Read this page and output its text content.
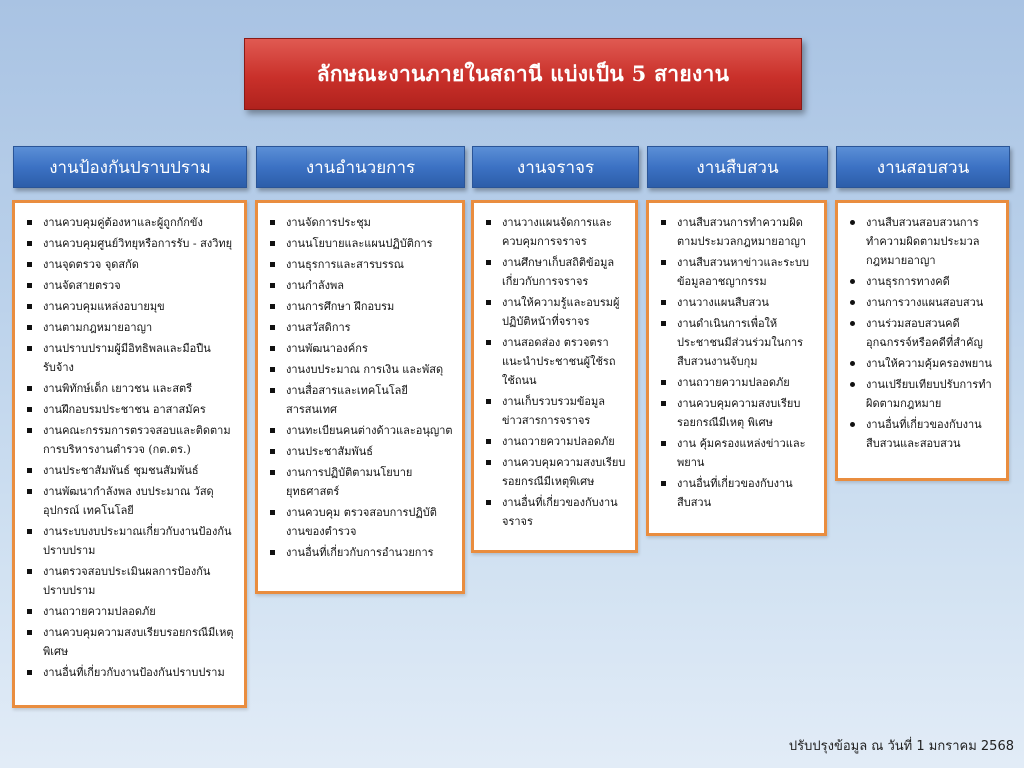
ลักษณะงานภายในสถานี แบ่งเป็น 5 สายงาน
งานป้องกันปราบปราม	งานอำนวยการ	งานจราจร	งานสืบสวน	งานสอบสวน
งานควบคุมคู่ต้องหาและผู้ถูกกักขัง
งานควบคุมศูนย์วิทยุหรือการรับ - สงวิทยุ
งานจุดตรวจ จุดสกัด
งานจัดสายตรวจ
งานควบคุมแหล่งอบายมุข
งานตามกฎหมายอาญา
งานปราบปรามผู้มีอิทธิพลและมือปืนรับจ้าง
งานพิทักษ์เด็ก เยาวชน และสตรี
งานฝึกอบรมประชาชน อาสาสมัคร
งานคณะกรรมการตรวจสอบและติดตามการบริหารงานตำรวจ (กต.ตร.)
งานประชาสัมพันธ์ ชุมชนสัมพันธ์
งานพัฒนากำลังพล งบประมาณ วัสดุอุปกรณ์ เทคโนโลยี
งานระบบงบประมาณเกี่ยวกับงานป้องกันปราบปราม
งานตรวจสอบประเมินผลการป้องกันปราบปราม
งานถวายความปลอดภัย
งานควบคุมความสงบเรียบรอยกรณีมีเหตุพิเศษ
งานอื่นที่เกี่ยวกับงานป้องกันปราบปราม
งานจัดการประชุม
งานนโยบายและแผนปฏิบัติการ
งานธุรการและสารบรรณ
งานกำลังพล
งานการศึกษา ฝึกอบรม
งานสวัสดิการ
งานพัฒนาองค์กร
งานงบประมาณ การเงิน และพัสดุ
งานสื่อสารและเทคโนโลยีสารสนเทศ
งานทะเบียนคนต่างด้าวและอนุญาต
งานประชาสัมพันธ์
งานการปฏิบัติตามนโยบายยุทธศาสตร์
งานควบคุม ตรวจสอบการปฏิบัติงานของตำรวจ
งานอื่นที่เกี่ยวกับการอำนวยการ
งานวางแผนจัดการและควบคุมการจราจร
งานศึกษาเก็บสถิติข้อมูลเกี่ยวกับการจราจร
งานให้ความรู้และอบรมผู้ปฏิบัติหน้าที่จราจร
งานสอดส่อง ตรวจตรา แนะนำประชาชนผู้ใช้รถใช้ถนน
งานเก็บรวบรวมข้อมูลข่าวสารการจราจร
งานถวายความปลอดภัย
งานควบคุมความสงบเรียบรอยกรณีมีเหตุพิเศษ
งานอื่นที่เกี่ยวของกับงานจราจร
งานสืบสวนการทำความผิดตามประมวลกฎหมายอาญา
งานสืบสวนหาข่าวและระบบข้อมูลอาชญากรรม
งานวางแผนสืบสวน
งานดำเนินการเพื่อให้ประชาชนมีส่วนร่วมในการสืบสวนงานจับกุม
งานถวายความปลอดภัย
งานควบคุมความสงบเรียบรอยกรณีมีเหตุ พิเศษ
งาน คุ้มครองแหล่งข่าวและพยาน
งานอื่นที่เกี่ยวของกับงานสืบสวน
งานสืบสวนสอบสวนการทำความผิดตามประมวลกฎหมายอาญา
งานธุรการทางคดี
งานการวางแผนสอบสวน
งานร่วมสอบสวนคดีอุกฉกรรจ์หรือคดีที่สำคัญ
งานให้ความคุ้มครองพยาน
งานเปรียบเทียบปรับการทำผิดตามกฎหมาย
งานอื่นที่เกี่ยวของกับงานสืบสวนและสอบสวน
ปรับปรุงข้อมูล ณ วันที่ 1 มกราคม 2568
